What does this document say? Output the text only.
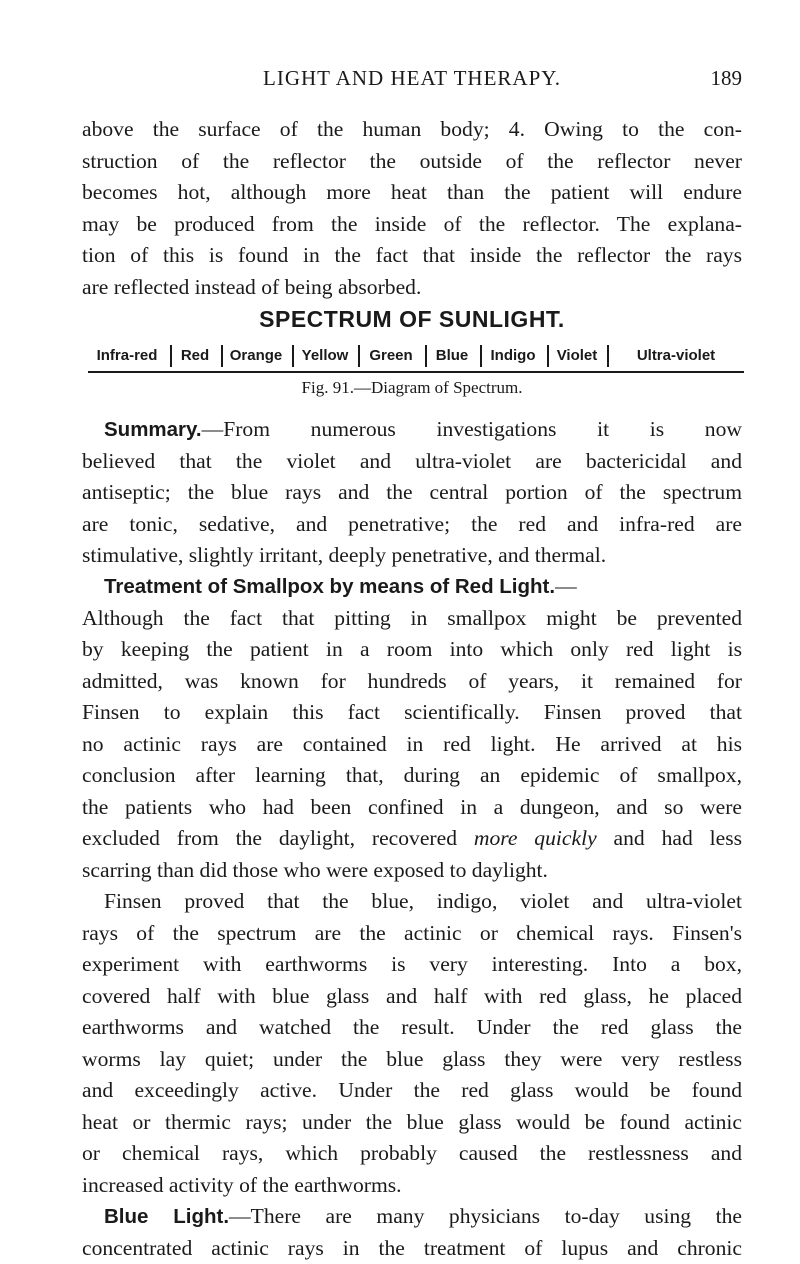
LIGHT AND HEAT THERAPY.	189
above the surface of the human body; 4. Owing to the con-
struction of the reflector the outside of the reflector never
becomes hot, although more heat than the patient will endure
may be produced from the inside of the reflector. The explana-
tion of this is found in the fact that inside the reflector the rays
are reflected instead of being absorbed.
SPECTRUM OF SUNLIGHT.
Infra-red	Red	Orange	Yellow	Green	Blue	Indigo	Violet	Ultra-violet
Fig. 91.—Diagram of Spectrum.
Summary.—From numerous investigations it is now
believed that the violet and ultra-violet are bactericidal and
antiseptic; the blue rays and the central portion of the spectrum
are tonic, sedative, and penetrative; the red and infra-red are
stimulative, slightly irritant, deeply penetrative, and thermal.
Treatment of Smallpox by means of Red Light.—
Although the fact that pitting in smallpox might be prevented
by keeping the patient in a room into which only red light is
admitted, was known for hundreds of years, it remained for
Finsen to explain this fact scientifically. Finsen proved that
no actinic rays are contained in red light. He arrived at his
conclusion after learning that, during an epidemic of smallpox,
the patients who had been confined in a dungeon, and so were
excluded from the daylight, recovered more quickly and had less
scarring than did those who were exposed to daylight.
Finsen proved that the blue, indigo, violet and ultra-violet
rays of the spectrum are the actinic or chemical rays. Finsen's
experiment with earthworms is very interesting. Into a box,
covered half with blue glass and half with red glass, he placed
earthworms and watched the result. Under the red glass the
worms lay quiet; under the blue glass they were very restless
and exceedingly active. Under the red glass would be found
heat or thermic rays; under the blue glass would be found actinic
or chemical rays, which probably caused the restlessness and
increased activity of the earthworms.
Blue Light.—There are many physicians to-day using the
concentrated actinic rays in the treatment of lupus and chronic
